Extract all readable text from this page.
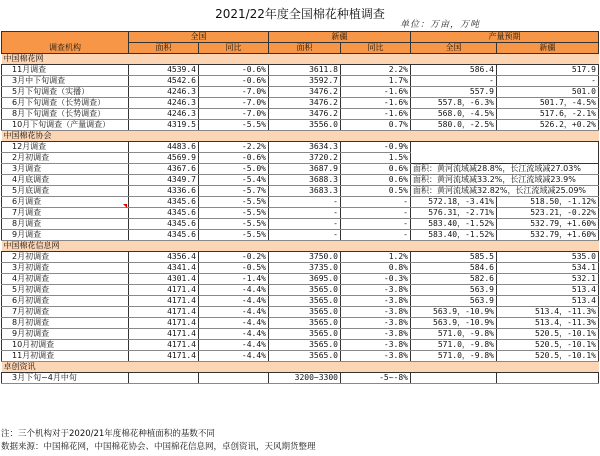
2021/22年度全国棉花种植调查
单位：万亩，万吨
调查机构	全国		新疆		产量预期	
	面积	同比	面积	同比	全国	新疆
中国棉花网						
11月调查	4539.4	-0.6%	3611.8	2.2%	586.4	517.9
3月中下旬调查	4542.6	-0.6%	3592.7	1.7%	-	-
5月下旬调查（实播）	4246.3	-7.0%	3476.2	-1.6%	557.9	501.0
6月下旬调查（长势调查）	4246.3	-7.0%	3476.2	-1.6%	557.8，-6.3%	501.7，-4.5%
8月下旬调查（长势调查）	4246.3	-7.0%	3476.2	-1.6%	568.0，-4.5%	517.6，-2.1%
10月下旬调查（产量调查）	4319.5	-5.5%	3556.0	0.7%	580.0，-2.5%	526.2，+0.2%
中国棉花协会						
12月调查	4483.6	-2.2%	3634.3	-0.9%		
2月初调查	4569.9	-0.6%	3720.2	1.5%		
3月调查	4367.6	-5.0%	3687.9	0.6%	面积：黄河流域减28.8%，长江流域减27.03%	
4月底调查	4349.7	-5.4%	3688.3	0.6%	面积：黄河流域减33.2%，长江流域减23.9%	
5月底调查	4336.6	-5.7%	3683.3	0.5%	面积：黄河流域减32.82%，长江流域减25.09%	
6月调查	4345.6	-5.5%	-	-	572.18，-3.41%	518.50，-1.12%
7月调查	4345.6	-5.5%	-	-	576.31，-2.71%	523.21，-0.22%
8月调查	4345.6	-5.5%	-	-	583.40，-1.52%	532.79，+1.60%
9月调查	4345.6	-5.5%	-	-	583.40，-1.52%	532.79，+1.60%
中国棉花信息网						
2月初调查	4356.4	-0.2%	3750.0	1.2%	585.5	535.0
3月初调查	4341.4	-0.5%	3735.0	0.8%	584.6	534.1
4月初调查	4301.4	-1.4%	3695.0	-0.3%	582.6	532.1
5月初调查	4171.4	-4.4%	3565.0	-3.8%	563.9	513.4
6月初调查	4171.4	-4.4%	3565.0	-3.8%	563.9	513.4
7月初调查	4171.4	-4.4%	3565.0	-3.8%	563.9，-10.9%	513.4，-11.3%
8月初调查	4171.4	-4.4%	3565.0	-3.8%	563.9，-10.9%	513.4，-11.3%
9月初调查	4171.4	-4.4%	3565.0	-3.8%	571.0，-9.8%	520.5，-10.1%
10月初调查	4171.4	-4.4%	3565.0	-3.8%	571.0，-9.8%	520.5，-10.1%
11月初调查	4171.4	-4.4%	3565.0	-3.8%	571.0，-9.8%	520.5，-10.1%
卓创资讯						
3月下旬~4月中旬			3200~3300	-5~-8%		
注：三个机构对于2020/21年度棉花种植面积的基数不同
数据来源：中国棉花网，中国棉花协会、中国棉花信息网，卓创资讯，天风期货整理
